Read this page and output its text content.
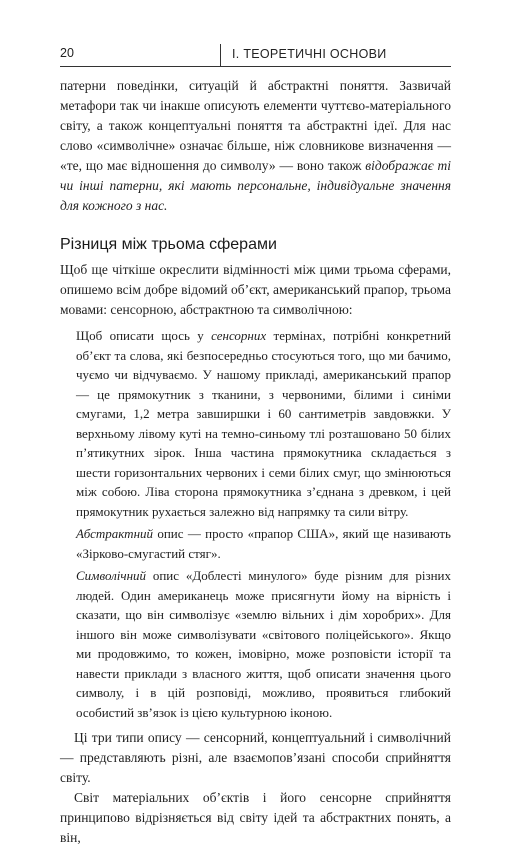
20	І. ТЕОРЕТИЧНІ ОСНОВИ

патерни поведінки, ситуацій й абстрактні поняття. Зазвичай метафори так чи інакше описують елементи чуттєво-матеріального світу, а також концептуальні поняття та абстрактні ідеї. Для нас слово «символічне» означає більше, ніж словникове визначення — «те, що має відношення до символу» — воно також відображає ті чи інші патерни, які мають персональне, індивідуальне значення для кожного з нас.

Різниця між трьома сферами

Щоб ще чіткіше окреслити відмінності між цими трьома сферами, опишемо всім добре відомий об’єкт, американський прапор, трьома мовами: сенсорною, абстрактною та символічною:

Щоб описати щось у сенсорних термінах, потрібні конкретний об’єкт та слова, які безпосередньо стосуються того, що ми бачимо, чуємо чи відчуваємо. У нашому прикладі, американський прапор — це прямокутник з тканини, з червоними, білими і синіми смугами, 1,2 метра завширшки і 60 сантиметрів завдовжки. У верхньому лівому куті на темно-синьому тлі розташовано 50 білих п’ятикутних зірок. Інша частина прямокутника складається з шести горизонтальних червоних і семи білих смуг, що змінюються між собою. Ліва сторона прямокутника з’єднана з древком, і цей прямокутник рухається залежно від напрямку та сили вітру.

Абстрактний опис — просто «прапор США», який ще називають «Зірково-смугастий стяг».

Символічний опис «Доблесті минулого» буде різним для різних людей. Один американець може присягнути йому на вірність і сказати, що він символізує «землю вільних і дім хоробрих». Для іншого він може символізувати «світового поліцейського». Якщо ми продовжимо, то кожен, імовірно, може розповісти історії та навести приклади з власного життя, щоб описати значення цього символу, і в цій розповіді, можливо, проявиться глибокий особистий зв’язок із цією культурною іконою.

Ці три типи опису — сенсорний, концептуальний і символічний — представляють різні, але взаємопов’язані способи сприйняття світу.

Світ матеріальних об’єктів і його сенсорне сприйняття принципово відрізняється від світу ідей та абстрактних понять, а він,
